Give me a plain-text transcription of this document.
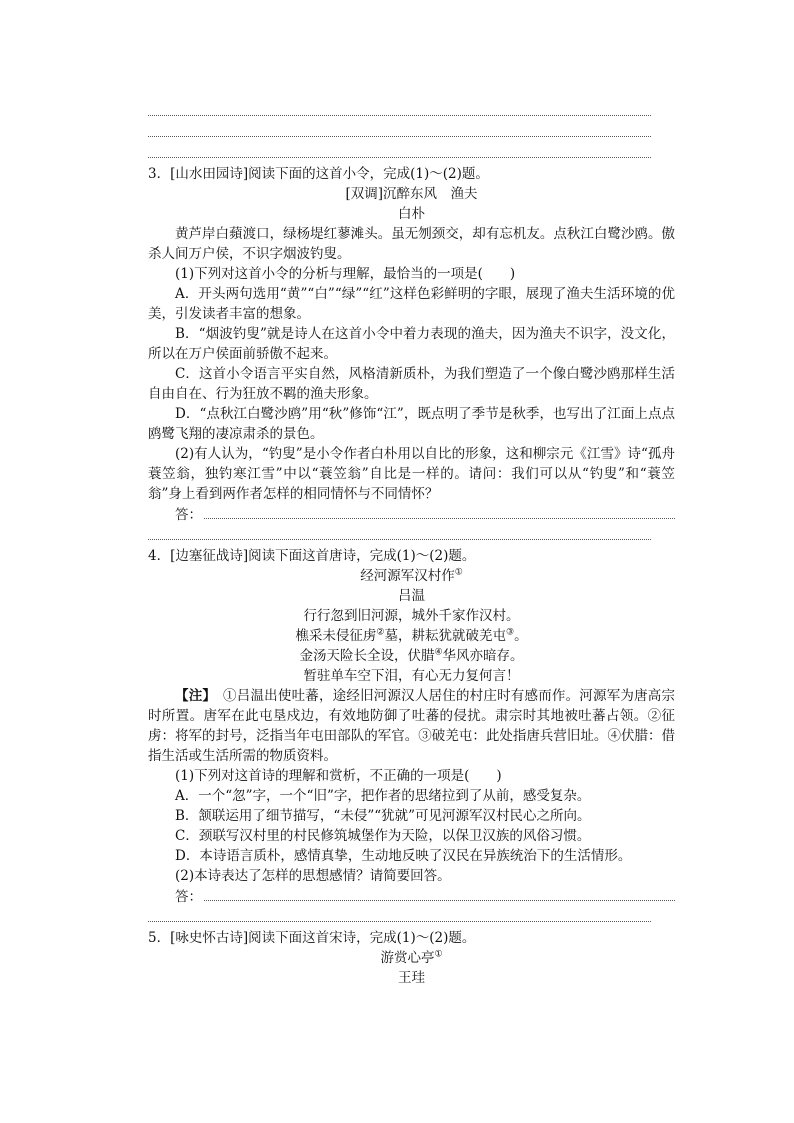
3．[山水田园诗]阅读下面的这首小令，完成(1)～(2)题。

[双调]沉醉东风　渔夫

白朴

黄芦岸白蘋渡口，绿杨堤红蓼滩头。虽无刎颈交，却有忘机友。点秋江白鹭沙鸥。傲杀人间万户侯，不识字烟波钓叟。

(1)下列对这首小令的分析与理解，最恰当的一项是(　　)

A．开头两句选用“黄”“白”“绿”“红”这样色彩鲜明的字眼，展现了渔夫生活环境的优美，引发读者丰富的想象。

B．“烟波钓叟”就是诗人在这首小令中着力表现的渔夫，因为渔夫不识字，没文化，所以在万户侯面前骄傲不起来。

C．这首小令语言平实自然，风格清新质朴，为我们塑造了一个像白鹭沙鸥那样生活自由自在、行为狂放不羁的渔夫形象。

D．“点秋江白鹭沙鸥”用“秋”修饰“江”，既点明了季节是秋季，也写出了江面上点点鸥鹭飞翔的凄凉肃杀的景色。

(2)有人认为，“钓叟”是小令作者白朴用以自比的形象，这和柳宗元《江雪》诗“孤舟蓑笠翁，独钓寒江雪”中以“蓑笠翁”自比是一样的。请问：我们可以从“钓叟”和“蓑笠翁”身上看到两作者怎样的相同情怀与不同情怀？

答：

4．[边塞征战诗]阅读下面这首唐诗，完成(1)～(2)题。

经河源军汉村作①

吕温

行行忽到旧河源，城外千家作汉村。

樵采未侵征虏②墓，耕耘犹就破羌屯③。

金汤天险长全设，伏腊④华风亦暗存。

暂驻单车空下泪，有心无力复何言！

【注】　①吕温出使吐蕃，途经旧河源汉人居住的村庄时有感而作。河源军为唐高宗时所置。唐军在此屯垦戍边，有效地防御了吐蕃的侵扰。肃宗时其地被吐蕃占领。②征虏：将军的封号，泛指当年屯田部队的军官。③破羌屯：此处指唐兵营旧址。④伏腊：借指生活或生活所需的物质资料。

(1)下列对这首诗的理解和赏析，不正确的一项是(　　)

A．一个“忽”字，一个“旧”字，把作者的思绪拉到了从前，感受复杂。

B．颔联运用了细节描写，“未侵”“犹就”可见河源军汉村民心之所向。

C．颈联写汉村里的村民修筑城堡作为天险，以保卫汉族的风俗习惯。

D．本诗语言质朴，感情真挚，生动地反映了汉民在异族统治下的生活情形。

(2)本诗表达了怎样的思想感情？请简要回答。

答：

5．[咏史怀古诗]阅读下面这首宋诗，完成(1)～(2)题。

游赏心亭①

王珪
